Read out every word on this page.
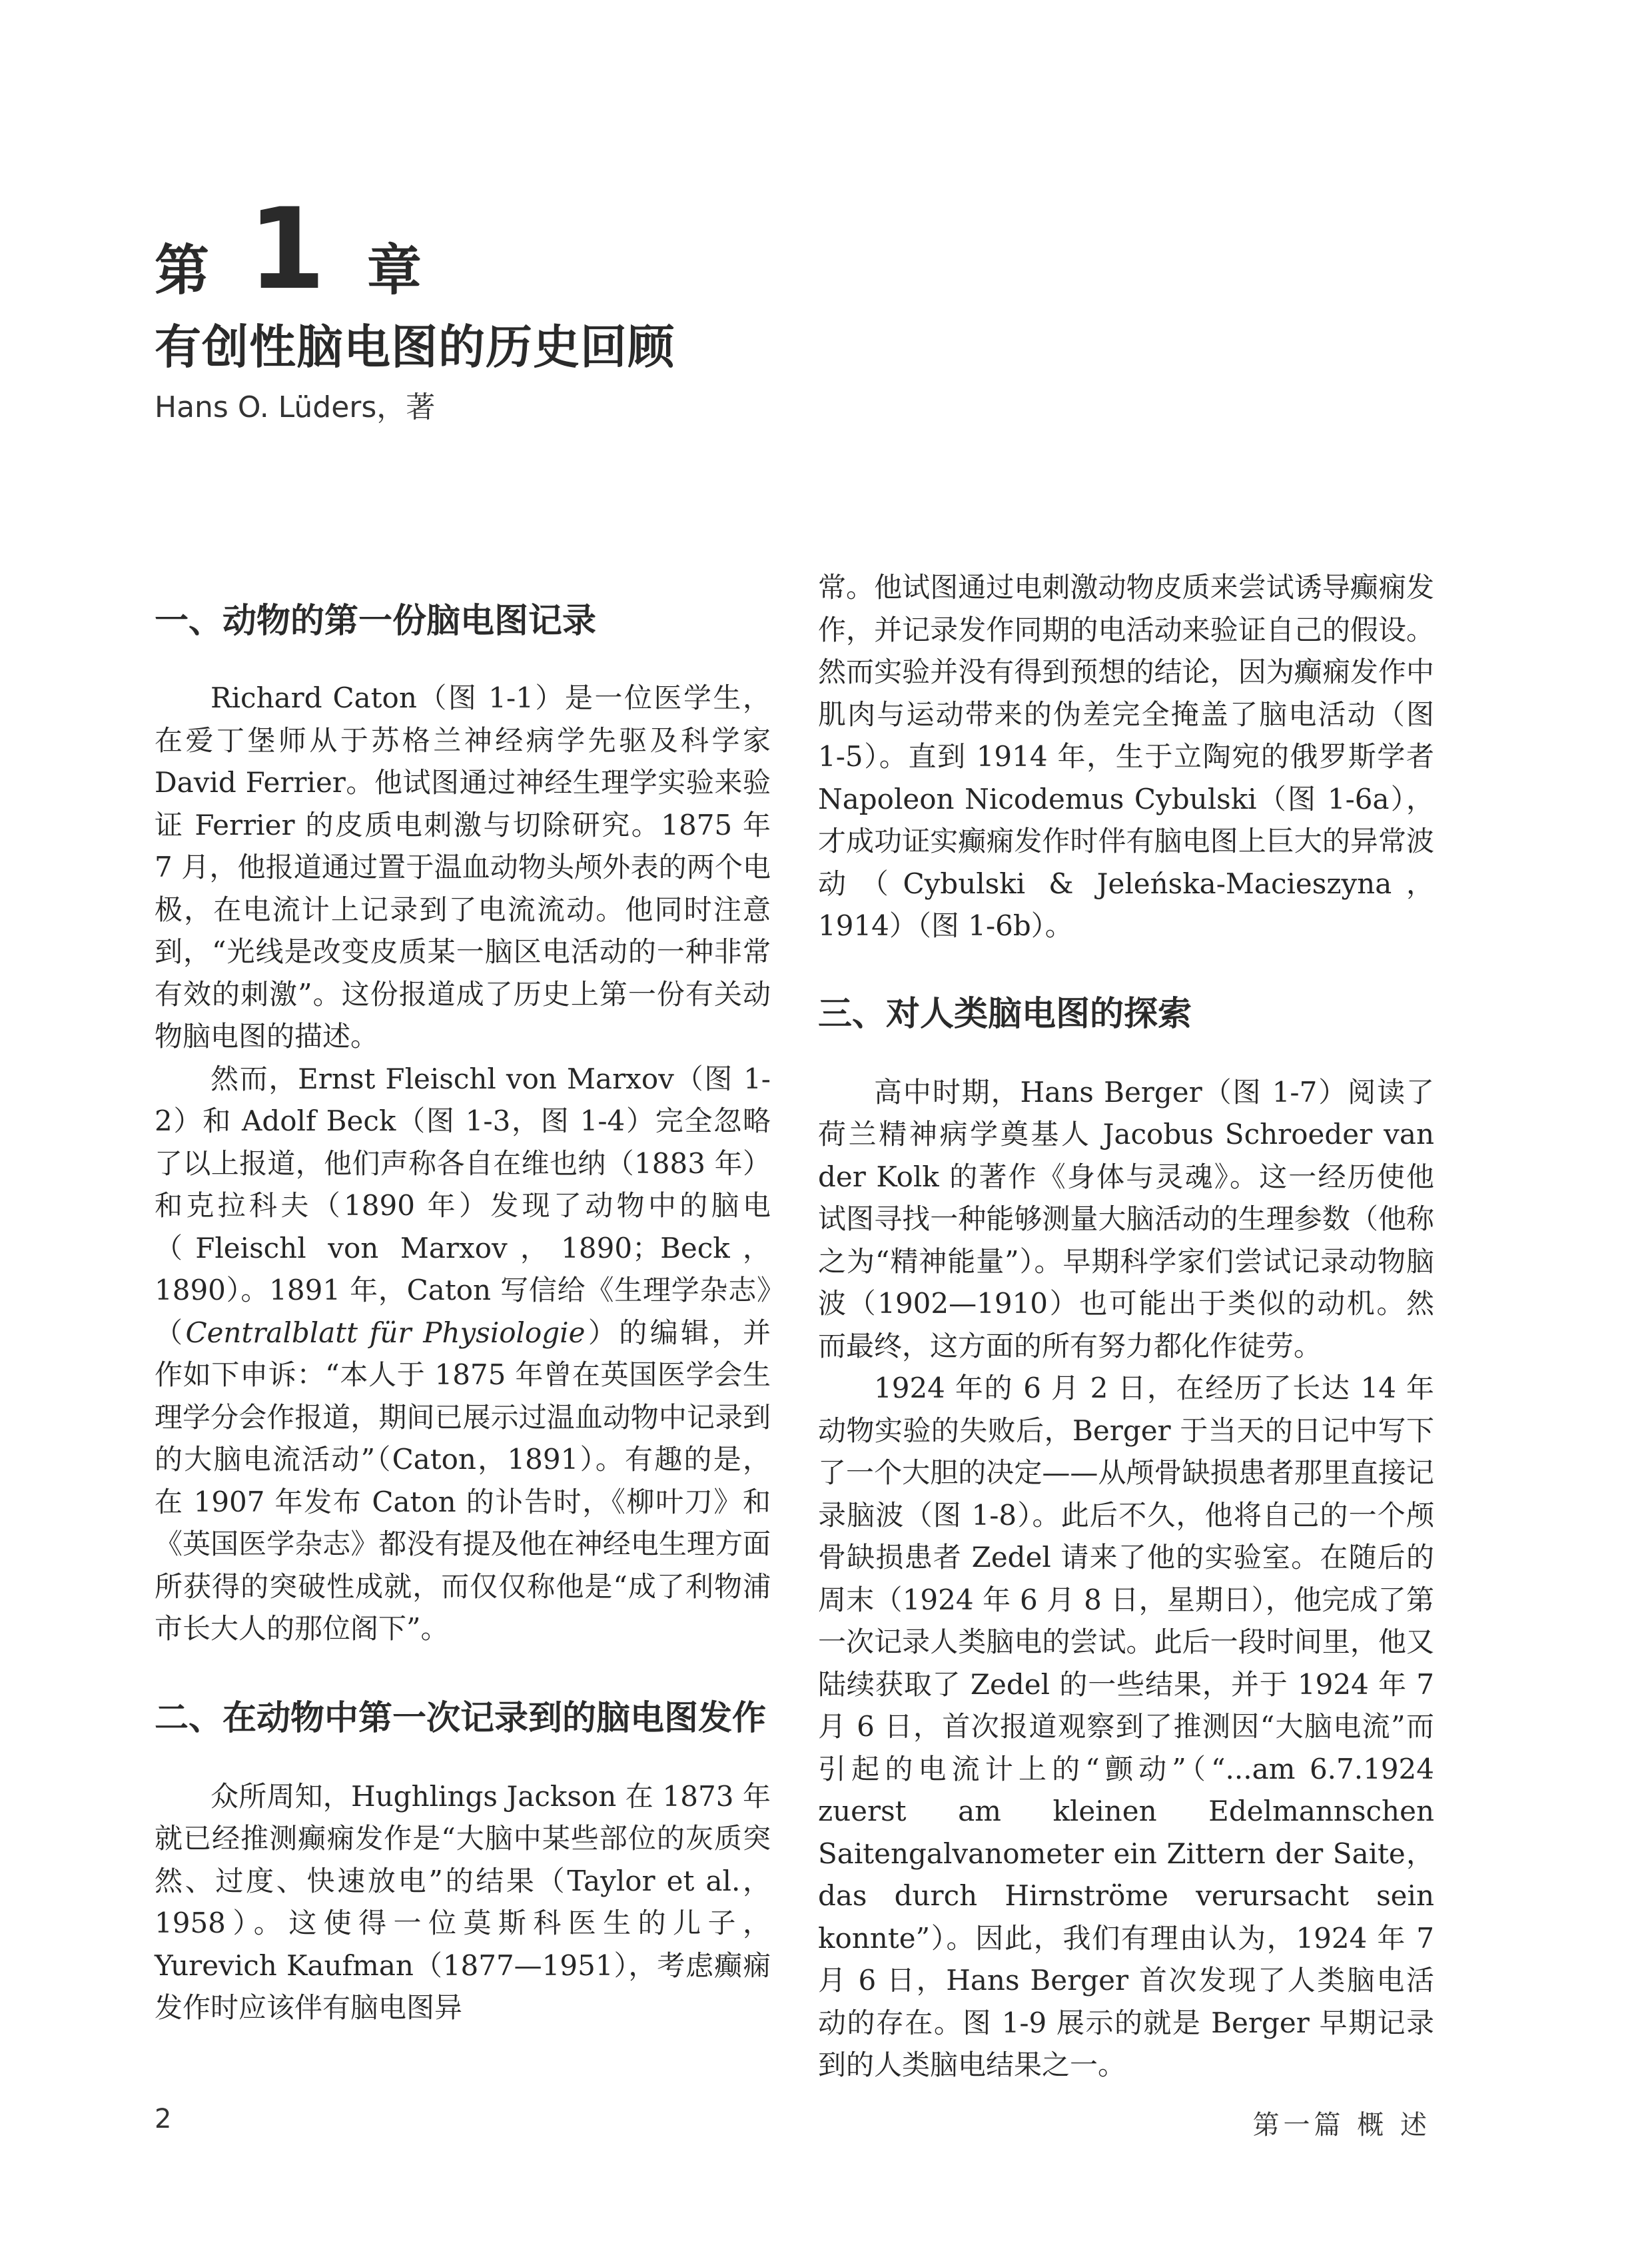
第 1 章
有创性脑电图的历史回顾
Hans O. Lüders，著
一、动物的第一份脑电图记录

Richard Caton（图 1-1）是一位医学生，在爱丁堡师从于苏格兰神经病学先驱及科学家 David Ferrier。他试图通过神经生理学实验来验证 Ferrier 的皮质电刺激与切除研究。1875 年 7 月，他报道通过置于温血动物头颅外表的两个电极，在电流计上记录到了电流流动。他同时注意到，“光线是改变皮质某一脑区电活动的一种非常有效的刺激”。这份报道成了历史上第一份有关动物脑电图的描述。

然而，Ernst Fleischl von Marxov（图 1-2）和 Adolf Beck（图 1-3，图 1-4）完全忽略了以上报道，他们声称各自在维也纳（1883 年）和克拉科夫（1890 年）发现了动物中的脑电（Fleischl von Marxov，1890；Beck，1890）。1891 年，Caton 写信给《生理学杂志》（Centralblatt für Physiologie）的编辑，并作如下申诉：“本人于 1875 年曾在英国医学会生理学分会作报道，期间已展示过温血动物中记录到的大脑电流活动”（Caton，1891）。有趣的是，在 1907 年发布 Caton 的讣告时，《柳叶刀》和《英国医学杂志》都没有提及他在神经电生理方面所获得的突破性成就，而仅仅称他是“成了利物浦市长大人的那位阁下”。

二、在动物中第一次记录到的脑电图发作

众所周知，Hughlings Jackson 在 1873 年就已经推测癫痫发作是“大脑中某些部位的灰质突然、过度、快速放电”的结果（Taylor et al.，1958）。这使得一位莫斯科医生的儿子，Yurevich Kaufman（1877—1951），考虑癫痫发作时应该伴有脑电图异

常。他试图通过电刺激动物皮质来尝试诱导癫痫发作，并记录发作同期的电活动来验证自己的假设。然而实验并没有得到预想的结论，因为癫痫发作中肌肉与运动带来的伪差完全掩盖了脑电活动（图 1-5）。直到 1914 年，生于立陶宛的俄罗斯学者 Napoleon Nicodemus Cybulski（图 1-6a），才成功证实癫痫发作时伴有脑电图上巨大的异常波动（Cybulski & Jeleńska-Macieszyna，1914）（图 1-6b）。

三、对人类脑电图的探索

高中时期，Hans Berger（图 1-7）阅读了荷兰精神病学奠基人 Jacobus Schroeder van der Kolk 的著作《身体与灵魂》。这一经历使他试图寻找一种能够测量大脑活动的生理参数（他称之为“精神能量”）。早期科学家们尝试记录动物脑波（1902—1910）也可能出于类似的动机。然而最终，这方面的所有努力都化作徒劳。

1924 年的 6 月 2 日，在经历了长达 14 年动物实验的失败后，Berger 于当天的日记中写下了一个大胆的决定——从颅骨缺损患者那里直接记录脑波（图 1-8）。此后不久，他将自己的一个颅骨缺损患者 Zedel 请来了他的实验室。在随后的周末（1924 年 6 月 8 日，星期日），他完成了第一次记录人类脑电的尝试。此后一段时间里，他又陆续获取了 Zedel 的一些结果，并于 1924 年 7 月 6 日，首次报道观察到了推测因“大脑电流”而引起的电流计上的“颤动”（“...am 6.7.1924 zuerst am kleinen Edelmannschen Saitengalvanometer ein Zittern der Saite，das durch Hirnströme verursacht sein konnte”）。因此，我们有理由认为，1924 年 7 月 6 日，Hans Berger 首次发现了人类脑电活动的存在。图 1-9 展示的就是 Berger 早期记录到的人类脑电结果之一。

2	第一篇 概 述
